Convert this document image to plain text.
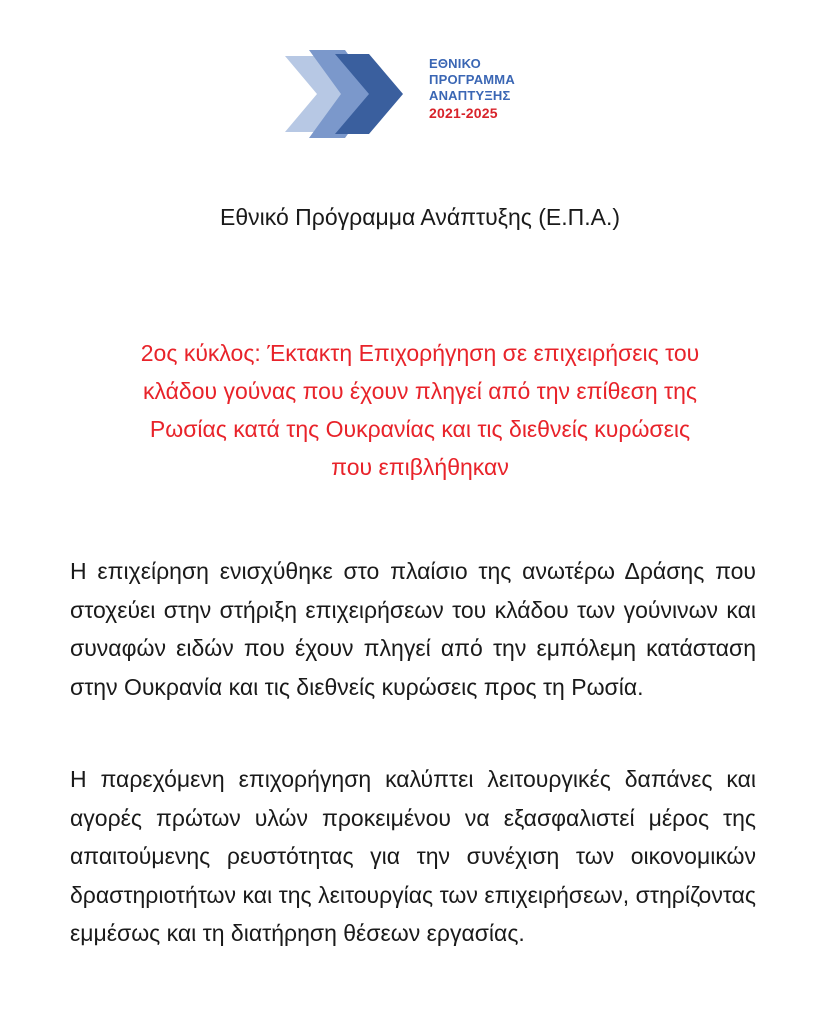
ΕΘΝΙΚΟ
ΠΡΟΓΡΑΜΜΑ
ΑΝΑΠΤΥΞΗΣ
2021-2025
Εθνικό Πρόγραμμα Ανάπτυξης (Ε.Π.Α.)
2ος κύκλος: Έκτακτη Επιχορήγηση σε επιχειρήσεις του
κλάδου γούνας που έχουν πληγεί από την επίθεση της
Ρωσίας κατά της Ουκρανίας και τις διεθνείς κυρώσεις
που επιβλήθηκαν
Η επιχείρηση ενισχύθηκε στο πλαίσιο της ανωτέρω Δράσης που στοχεύει στην στήριξη επιχειρήσεων του κλάδου των γούνινων και συναφών ειδών που έχουν πληγεί από την εμπόλεμη κατάσταση στην Ουκρανία και τις διεθνείς κυρώσεις προς τη Ρωσία.
Η παρεχόμενη επιχορήγηση καλύπτει λειτουργικές δαπάνες και αγορές πρώτων υλών προκειμένου να εξασφαλιστεί μέρος της απαιτούμενης ρευστότητας για την συνέχιση των οικονομικών δραστηριοτήτων και της λειτουργίας των επιχειρήσεων, στηρίζοντας εμμέσως και τη διατήρηση θέσεων εργασίας.
